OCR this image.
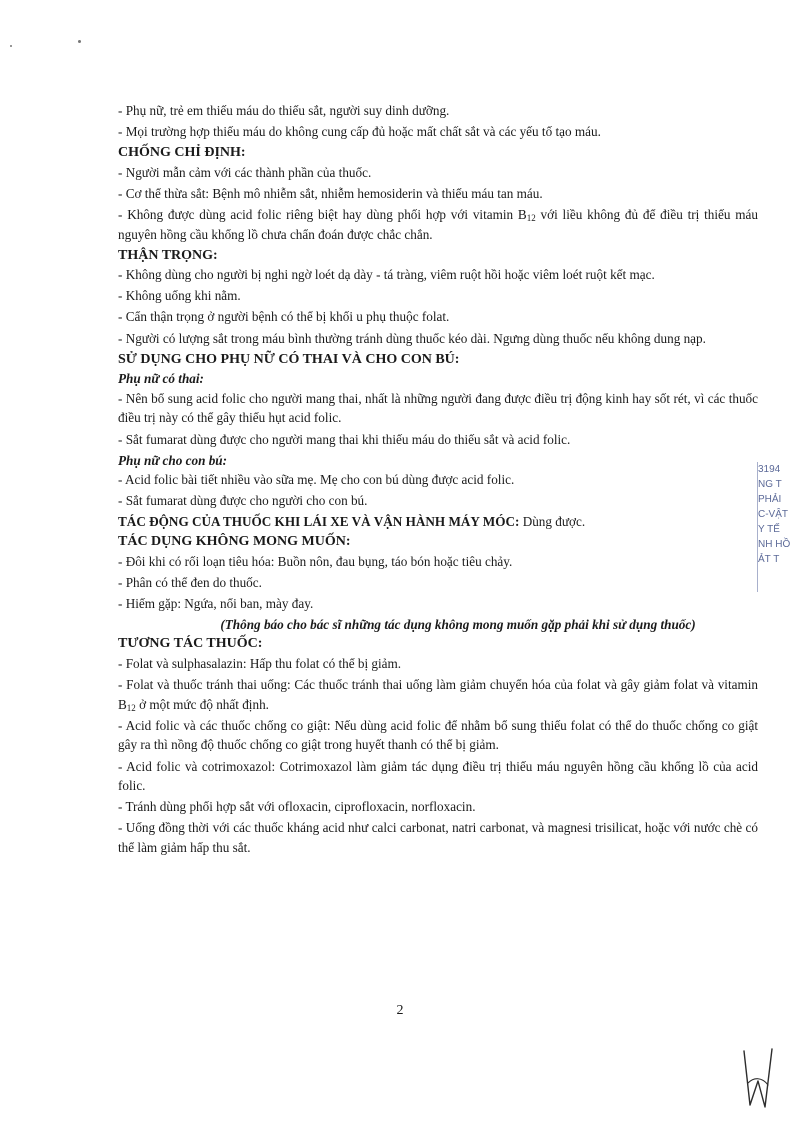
- Phụ nữ, trẻ em thiếu máu do thiếu sắt, người suy dinh dưỡng.

- Mọi trường hợp thiếu máu do không cung cấp đủ hoặc mất chất sắt và các yếu tố tạo máu.

CHỐNG CHỈ ĐỊNH:

- Người mẫn cảm với các thành phần của thuốc.

- Cơ thể thừa sắt: Bệnh mô nhiễm sắt, nhiễm hemosiderin và thiếu máu tan máu.

- Không được dùng acid folic riêng biệt hay dùng phối hợp với vitamin $B_{12}$ với liều không đủ để điều trị thiếu máu nguyên hồng cầu khổng lồ chưa chẩn đoán được chắc chắn.

THẬN TRỌNG:

- Không dùng cho người bị nghi ngờ loét dạ dày - tá tràng, viêm ruột hồi hoặc viêm loét ruột kết mạc.

- Không uống khi nằm.

- Cẩn thận trọng ở người bệnh có thể bị khối u phụ thuộc folat.

- Người có lượng sắt trong máu bình thường tránh dùng thuốc kéo dài. Ngưng dùng thuốc nếu không dung nạp.

SỬ DỤNG CHO PHỤ NỮ CÓ THAI VÀ CHO CON BÚ:

Phụ nữ có thai:

- Nên bổ sung acid folic cho người mang thai, nhất là những người đang được điều trị động kinh hay sốt rét, vì các thuốc điều trị này có thể gây thiếu hụt acid folic.

- Sắt fumarat dùng được cho người mang thai khi thiếu máu do thiếu sắt và acid folic.

Phụ nữ cho con bú:

- Acid folic bài tiết nhiều vào sữa mẹ. Mẹ cho con bú dùng được acid folic.

- Sắt fumarat dùng được cho người cho con bú.

TÁC ĐỘNG CỦA THUỐC KHI LÁI XE VÀ VẬN HÀNH MÁY MÓC: Dùng được.

TÁC DỤNG KHÔNG MONG MUỐN:

- Đôi khi có rối loạn tiêu hóa: Buồn nôn, đau bụng, táo bón hoặc tiêu chảy.

- Phân có thể đen do thuốc.

- Hiếm gặp: Ngứa, nổi ban, mày đay.

(Thông báo cho bác sĩ những tác dụng không mong muốn gặp phải khi sử dụng thuốc)

TƯƠNG TÁC THUỐC:

- Folat và sulphasalazin: Hấp thu folat có thể bị giảm.

- Folat và thuốc tránh thai uống: Các thuốc tránh thai uống làm giảm chuyển hóa của folat và gây giảm folat và vitamin $B_{12}$ ở một mức độ nhất định.

- Acid folic và các thuốc chống co giật: Nếu dùng acid folic để nhằm bổ sung thiếu folat có thể do thuốc chống co giật gây ra thì nồng độ thuốc chống co giật trong huyết thanh có thể bị giảm.

- Acid folic và cotrimoxazol: Cotrimoxazol làm giảm tác dụng điều trị thiếu máu nguyên hồng cầu khổng lồ của acid folic.

- Tránh dùng phối hợp sắt với ofloxacin, ciprofloxacin, norfloxacin.

- Uống đồng thời với các thuốc kháng acid như calci carbonat, natri carbonat, và magnesi trisilicat, hoặc với nước chè có thể làm giảm hấp thu sắt.

3194
NG T
PHẢI
C-VẬT
Y TẾ
NH HỒ
ẢT T
2
